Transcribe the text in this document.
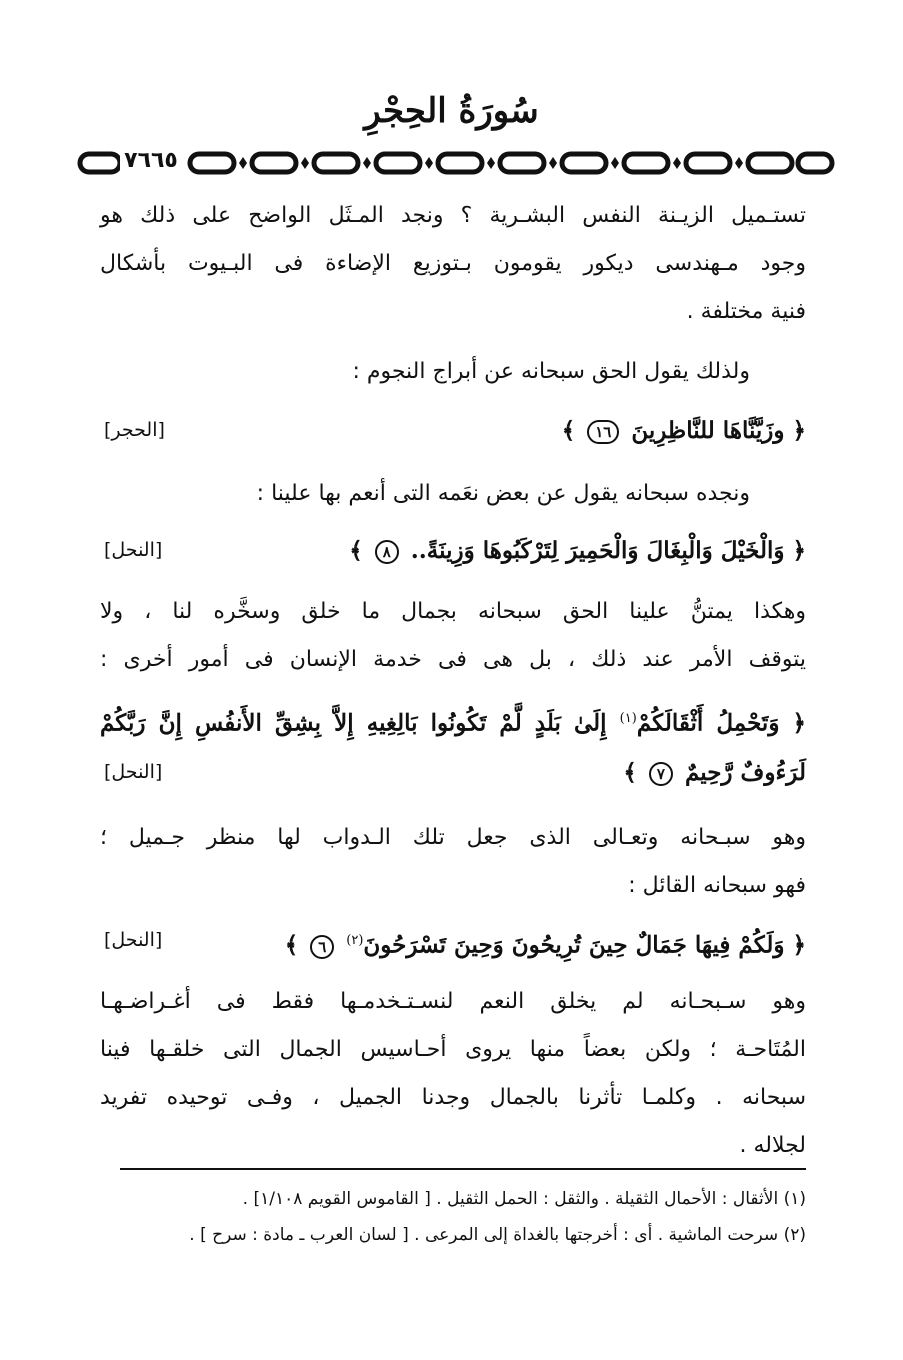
سُورَةُ الحِجْرِ
٧٦٦٥
تستـميل الزيـنة النفس البشـرية ؟ ونجد المـثَل الواضح على ذلك هو
وجود مـهندسى ديكور يقومون بـتوزيع الإضاءة فى البـيوت بأشكال
فنية مختلفة .
ولذلك يقول الحق سبحانه عن أبراج النجوم :
﴿ وزَيَّنَّاهَا للنَّاظِرِينَ ١٦ ﴾
[الحجر]
ونجده سبحانه يقول عن بعض نعَمه التى أنعم بها علينا :
﴿ وَالْخَيْلَ وَالْبِغَالَ وَالْحَمِيرَ لِتَرْكَبُوهَا وَزِينَةً.. ٨ ﴾
[النحل]
وهكذا يمتنُّ علينا الحق سبحانه بجمال ما خلق وسخَّره لنا ، ولا
يتوقف الأمر عند ذلك ، بل هى فى خدمة الإنسان فى أمور أخرى :
﴿ وَتَحْمِلُ أَثْقَالَكُمْ$^{(١)}$ إِلَىٰ بَلَدٍ لَّمْ تَكُونُوا بَالِغِيهِ إِلاَّ بِشِقِّ الأَنفُسِ إِنَّ رَبَّكُمْ
لَرَءُوفٌ رَّحِيمٌ ٧ ﴾
[النحل]
وهو سبـحانه وتعـالى الذى جعل تلك الـدواب لها منظر جـميل ؛
فهو سبحانه القائل :
﴿ وَلَكُمْ فِيهَا جَمَالٌ حِينَ تُرِيحُونَ وَحِينَ تَسْرَحُونَ$^{(٢)}$ ٦ ﴾
[النحل]
وهو سـبحـانه لم يخلق النعم لنسـتـخدمـها فقط فى أغـراضـهـا
المُتَاحـة ؛ ولكن بعضاً منها يروى أحـاسيس الجمال التى خلقـها فينا
سبحانه . وكلمـا تأثرنا بالجمال وجدنا الجميل ، وفـى توحيده تفريد
لجلاله .
(١) الأثقال : الأحمال الثقيلة . والثقل : الحمل الثقيل . [ القاموس القويم ١/١٠٨] .
(٢) سرحت الماشية . أى : أخرجتها بالغداة إلى المرعى . [ لسان العرب ـ مادة : سرح ] .
